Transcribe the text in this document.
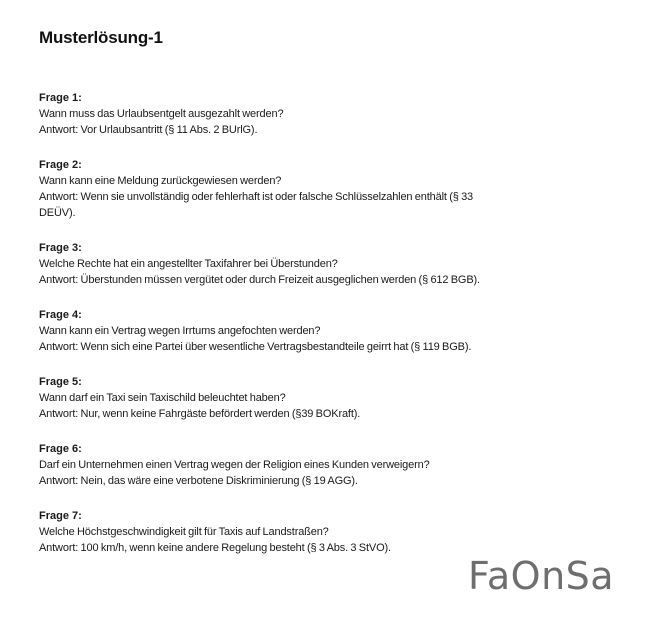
Musterlösung-1
Frage 1:
Wann muss das Urlaubsentgelt ausgezahlt werden?
Antwort: Vor Urlaubsantritt (§ 11 Abs. 2 BUrlG).
Frage 2:
Wann kann eine Meldung zurückgewiesen werden?
Antwort: Wenn sie unvollständig oder fehlerhaft ist oder falsche Schlüsselzahlen enthält (§ 33
DEÜV).
Frage 3:
Welche Rechte hat ein angestellter Taxifahrer bei Überstunden?
Antwort: Überstunden müssen vergütet oder durch Freizeit ausgeglichen werden (§ 612 BGB).
Frage 4:
Wann kann ein Vertrag wegen Irrtums angefochten werden?
Antwort: Wenn sich eine Partei über wesentliche Vertragsbestandteile geirrt hat (§ 119 BGB).
Frage 5:
Wann darf ein Taxi sein Taxischild beleuchtet haben?
Antwort: Nur, wenn keine Fahrgäste befördert werden (§39 BOKraft).
Frage 6:
Darf ein Unternehmen einen Vertrag wegen der Religion eines Kunden verweigern?
Antwort: Nein, das wäre eine verbotene Diskriminierung (§ 19 AGG).
Frage 7:
Welche Höchstgeschwindigkeit gilt für Taxis auf Landstraßen?
Antwort: 100 km/h, wenn keine andere Regelung besteht (§ 3 Abs. 3 StVO).
FaOnSa
